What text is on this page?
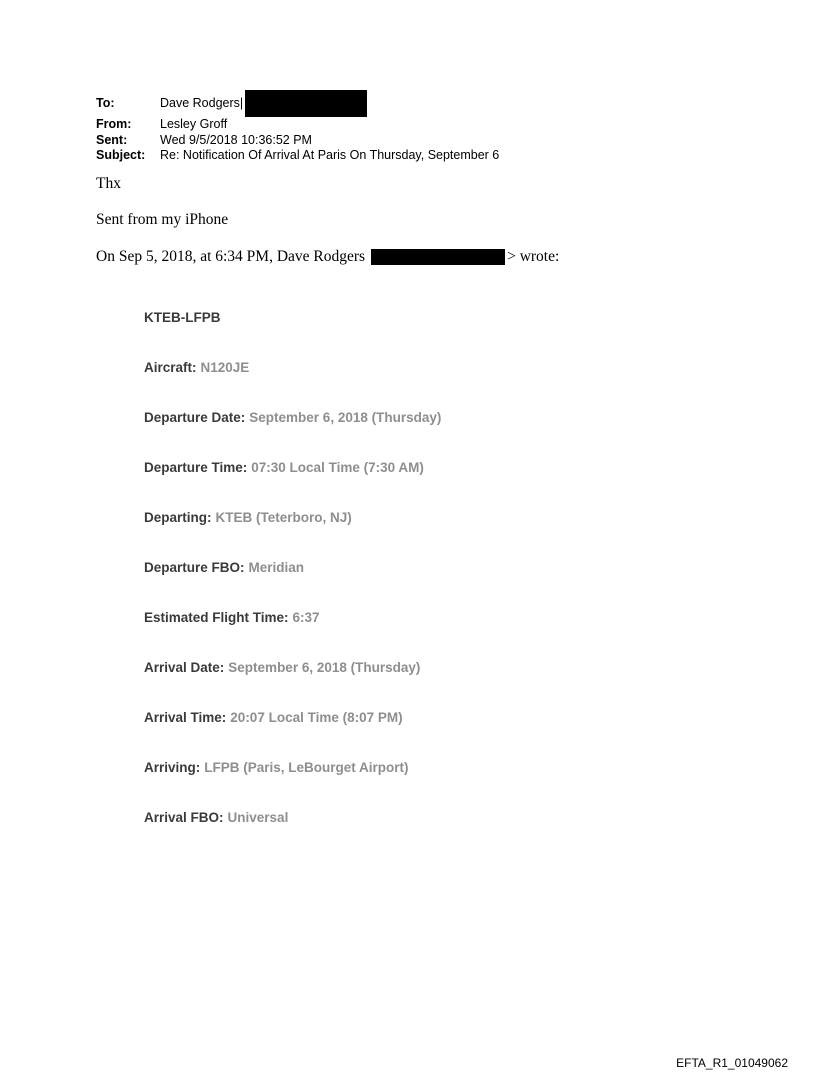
To:	Dave Rodgers|
From:	Lesley Groff
Sent:	Wed 9/5/2018 10:36:52 PM
Subject:	Re: Notification Of Arrival At Paris On Thursday, September 6
Thx
Sent from my iPhone
On Sep 5, 2018, at 6:34 PM, Dave Rodgers	> wrote:
KTEB-LFPB
Aircraft: N120JE
Departure Date: September 6, 2018 (Thursday)
Departure Time: 07:30 Local Time (7:30 AM)
Departing: KTEB (Teterboro, NJ)
Departure FBO: Meridian
Estimated Flight Time: 6:37
Arrival Date: September 6, 2018 (Thursday)
Arrival Time: 20:07 Local Time (8:07 PM)
Arriving: LFPB (Paris, LeBourget Airport)
Arrival FBO: Universal
EFTA_R1_01049062
